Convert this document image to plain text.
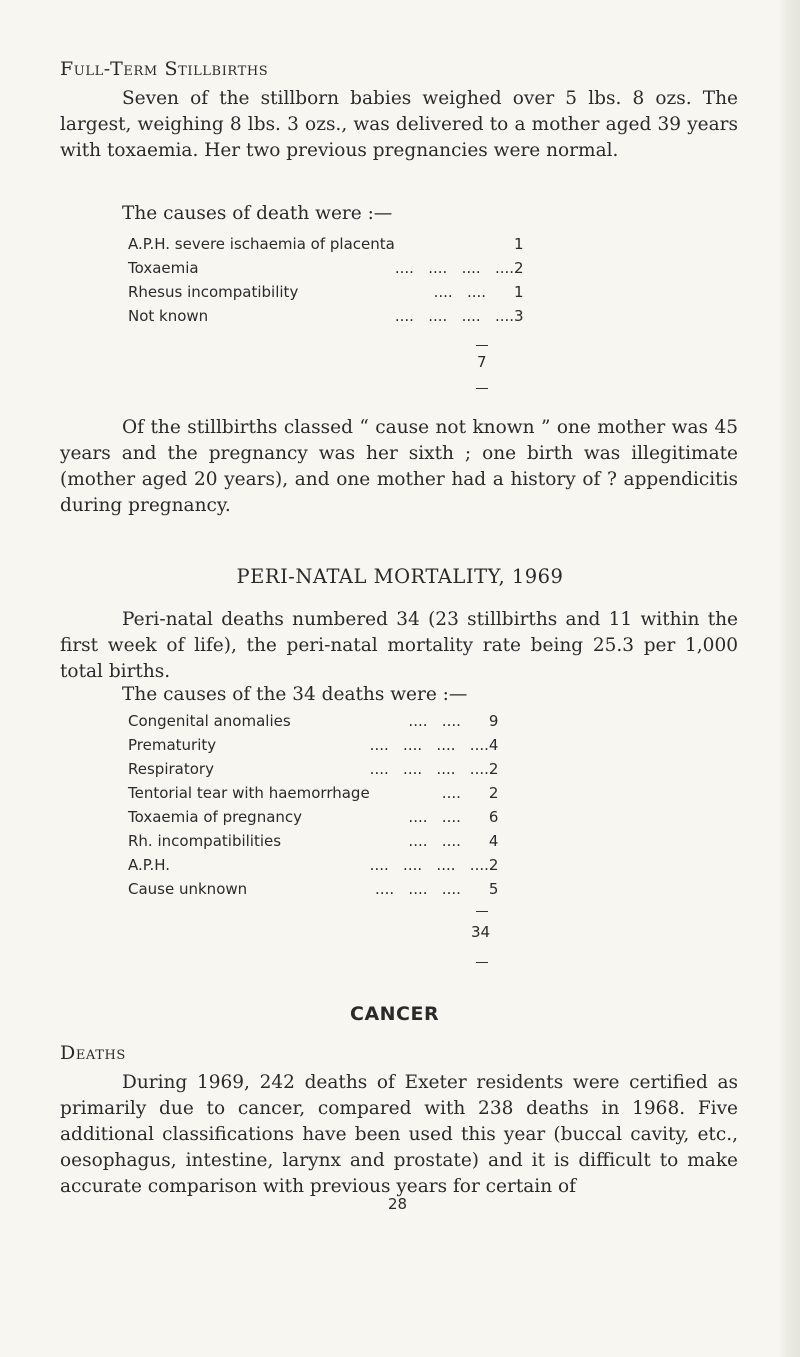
Full-Term Stillbirths

Seven of the stillborn babies weighed over 5 lbs. 8 ozs. The largest, weighing 8 lbs. 3 ozs., was delivered to a mother aged 39 years with toxaemia. Her two previous pregnancies were normal.

The causes of death were :—
A.P.H. severe ischaemia of placenta		1
Toxaemia	....   ....   ....   ....	2
Rhesus incompatibility	....   ....	1
Not known	....   ....   ....   ....	3
7

Of the stillbirths classed “ cause not known ” one mother was 45 years and the pregnancy was her sixth ; one birth was illegitimate (mother aged 20 years), and one mother had a history of ? appendicitis during pregnancy.

PERI-NATAL MORTALITY, 1969

Peri-natal deaths numbered 34 (23 stillbirths and 11 within the first week of life), the peri-natal mortality rate being 25.3 per 1,000 total births.

The causes of the 34 deaths were :—
Congenital anomalies	....   ....	9
Prematurity	....   ....   ....   ....	4
Respiratory	....   ....   ....   ....	2
Tentorial tear with haemorrhage	....	2
Toxaemia of pregnancy	....   ....	6
Rh. incompatibilities	....   ....	4
A.P.H.	....   ....   ....   ....	2
Cause unknown	....   ....   ....	5
34
CANCER
Deaths

During 1969, 242 deaths of Exeter residents were certified as primarily due to cancer, compared with 238 deaths in 1968. Five additional classifications have been used this year (buccal cavity, etc., oesophagus, intestine, larynx and prostate) and it is difficult to make accurate comparison with previous years for certain of

28
